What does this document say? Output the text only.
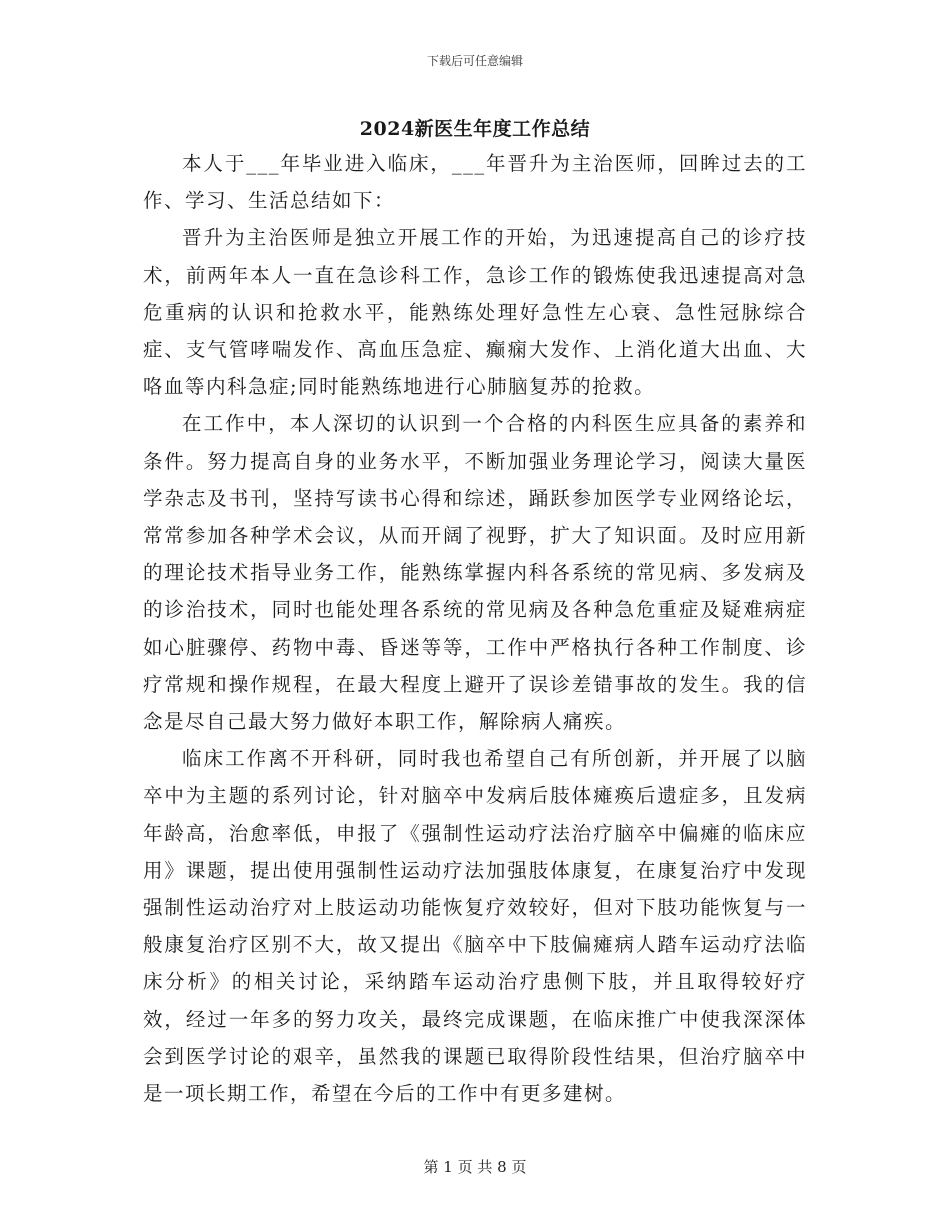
下载后可任意编辑
2024新医生年度工作总结

本人于___年毕业进入临床，___年晋升为主治医师，回眸过去的工作、学习、生活总结如下：

晋升为主治医师是独立开展工作的开始，为迅速提高自己的诊疗技术，前两年本人一直在急诊科工作，急诊工作的锻炼使我迅速提高对急危重病的认识和抢救水平，能熟练处理好急性左心衰、急性冠脉综合症、支气管哮喘发作、高血压急症、癫痫大发作、上消化道大出血、大咯血等内科急症;同时能熟练地进行心肺脑复苏的抢救。

在工作中，本人深切的认识到一个合格的内科医生应具备的素养和条件。努力提高自身的业务水平，不断加强业务理论学习，阅读大量医学杂志及书刊，坚持写读书心得和综述，踊跃参加医学专业网络论坛，常常参加各种学术会议，从而开阔了视野，扩大了知识面。及时应用新的理论技术指导业务工作，能熟练掌握内科各系统的常见病、多发病及的诊治技术，同时也能处理各系统的常见病及各种急危重症及疑难病症如心脏骤停、药物中毒、昏迷等等，工作中严格执行各种工作制度、诊疗常规和操作规程，在最大程度上避开了误诊差错事故的发生。我的信念是尽自己最大努力做好本职工作，解除病人痛疾。

临床工作离不开科研，同时我也希望自己有所创新，并开展了以脑卒中为主题的系列讨论，针对脑卒中发病后肢体瘫痪后遗症多，且发病年龄高，治愈率低，申报了《强制性运动疗法治疗脑卒中偏瘫的临床应用》课题，提出使用强制性运动疗法加强肢体康复，在康复治疗中发现强制性运动治疗对上肢运动功能恢复疗效较好，但对下肢功能恢复与一般康复治疗区别不大，故又提出《脑卒中下肢偏瘫病人踏车运动疗法临床分析》的相关讨论，采纳踏车运动治疗患侧下肢，并且取得较好疗效，经过一年多的努力攻关，最终完成课题，在临床推广中使我深深体会到医学讨论的艰辛，虽然我的课题已取得阶段性结果，但治疗脑卒中是一项长期工作，希望在今后的工作中有更多建树。

第 1 页 共 8 页
